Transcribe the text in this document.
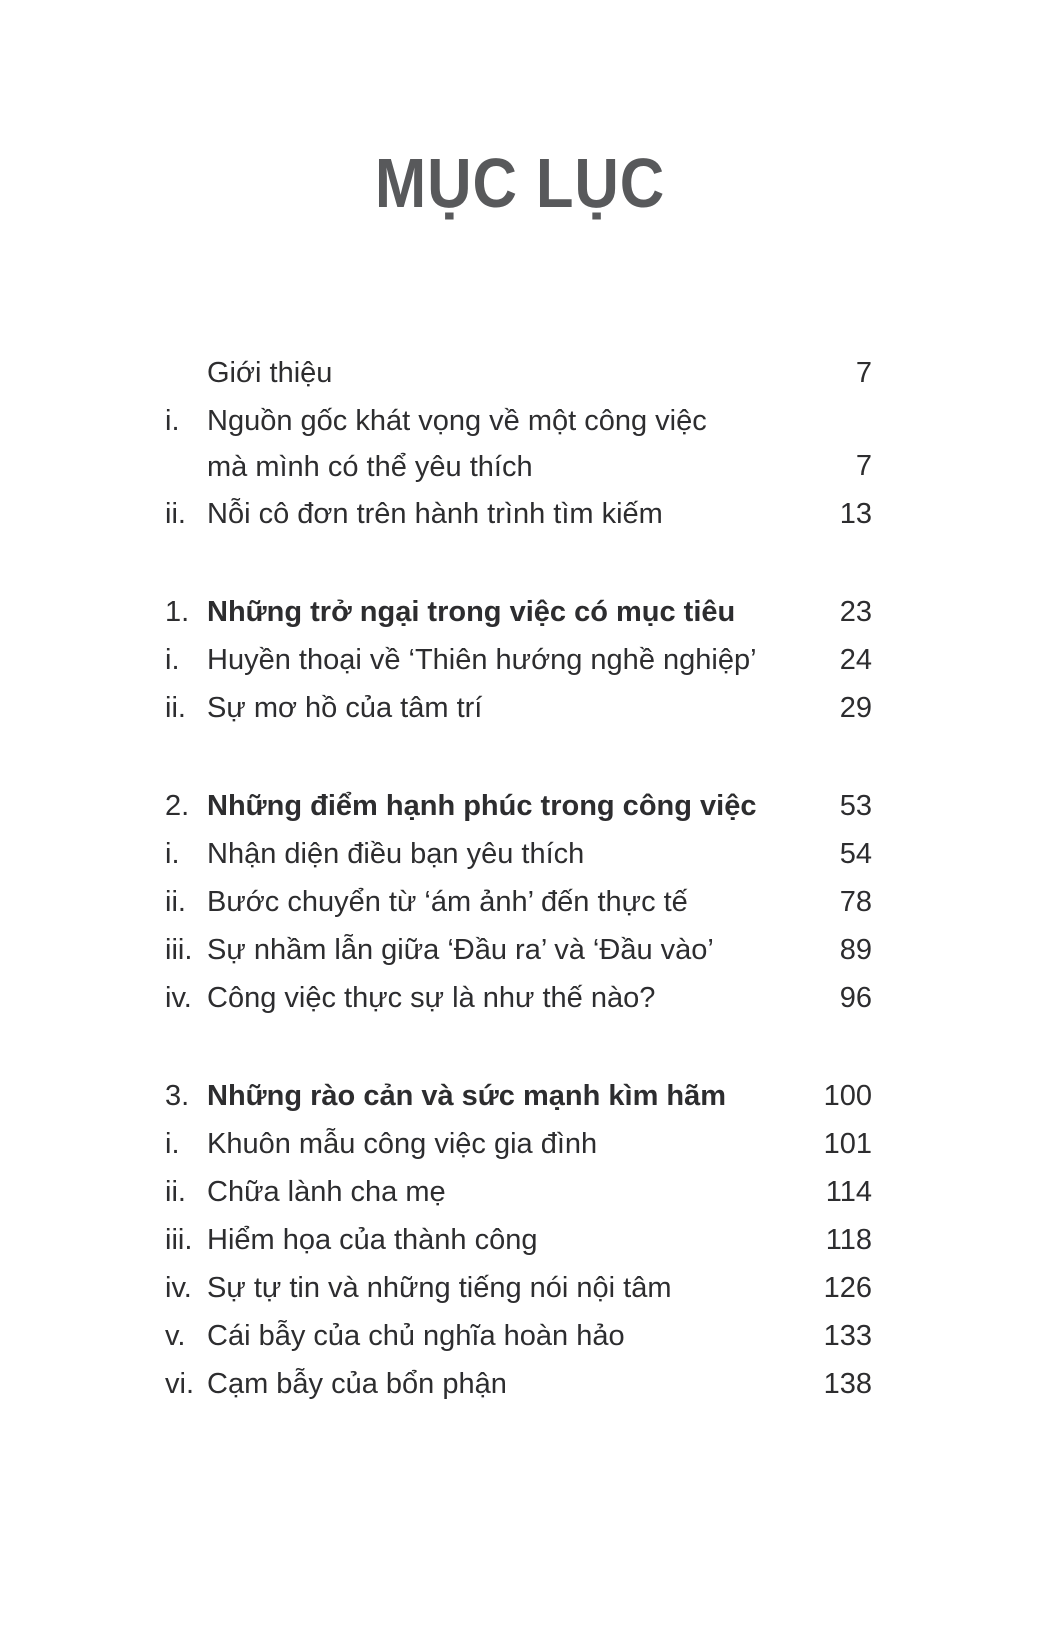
MỤC LỤC
Giới thiệu	7
i. Nguồn gốc khát vọng về một công việc
mà mình có thể yêu thích	7
ii. Nỗi cô đơn trên hành trình tìm kiếm	13
1. Những trở ngại trong việc có mục tiêu	23
i. Huyền thoại về ‘Thiên hướng nghề nghiệp’	24
ii. Sự mơ hồ của tâm trí	29
2. Những điểm hạnh phúc trong công việc	53
i. Nhận diện điều bạn yêu thích	54
ii. Bước chuyển từ ‘ám ảnh’ đến thực tế	78
iii. Sự nhầm lẫn giữa ‘Đầu ra’ và ‘Đầu vào’	89
iv. Công việc thực sự là như thế nào?	96
3. Những rào cản và sức mạnh kìm hãm	100
i. Khuôn mẫu công việc gia đình	101
ii. Chữa lành cha mẹ	114
iii. Hiểm họa của thành công	118
iv. Sự tự tin và những tiếng nói nội tâm	126
v. Cái bẫy của chủ nghĩa hoàn hảo	133
vi. Cạm bẫy của bổn phận	138
